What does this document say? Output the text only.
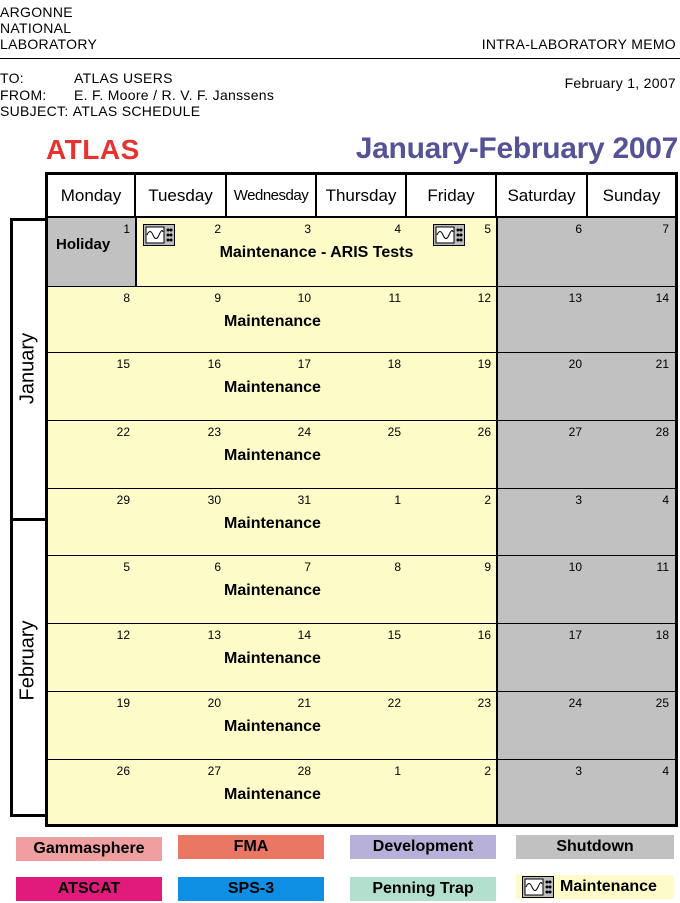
ARGONNE
NATIONAL
LABORATORY	INTRA-LABORATORY MEMO
TO:	ATLAS USERS
FROM: E. F. Moore / R. V. F. Janssens
SUBJECT: ATLAS SCHEDULE
February 1, 2007
ATLAS	January-February 2007
January
February
Monday	Tuesday	Wednesday	Thursday	Friday	Saturday	Sunday
Holiday
1	2	3	4	5	6	7
Maintenance - ARIS Tests
8	9	10	11	12	13	14
Maintenance
15	16	17	18	19	20	21
Maintenance
22	23	24	25	26	27	28
Maintenance
29	30	31	1	2	3	4
Maintenance
5	6	7	8	9	10	11
Maintenance
12	13	14	15	16	17	18
Maintenance
19	20	21	22	23	24	25
Maintenance
26	27	28	1	2	3	4
Maintenance
Gammasphere	FMA	Development	Shutdown
ATSCAT	SPS-3	Penning Trap	Maintenance
